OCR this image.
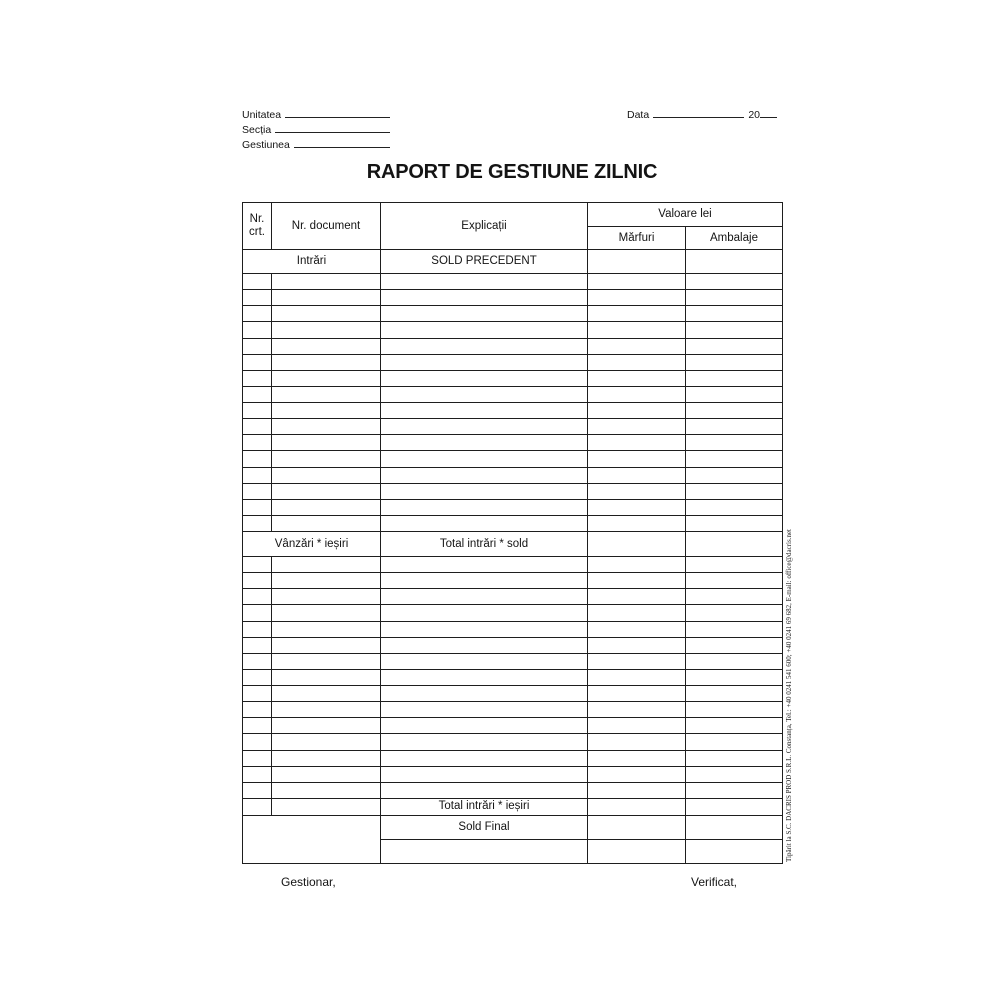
Unitatea
Secția
Gestiunea
Data	20
RAPORT DE GESTIUNE ZILNIC
Nr. crt.	Nr. document	Explicații	Valoare lei	
			Mărfuri	Ambalaje
Intrări		SOLD PRECEDENT		

Vânzări * ieșiri		Total intrări * sold		

		Total intrări * ieșiri		
		Sold Final		

Gestionar,	Verificat,
Tipărit la S.C. DACRIS PROD S.R.L. Constanța, Tel.: +40 0241 541 600; +40 0241 69 682, E-mail: office@dacris.net
